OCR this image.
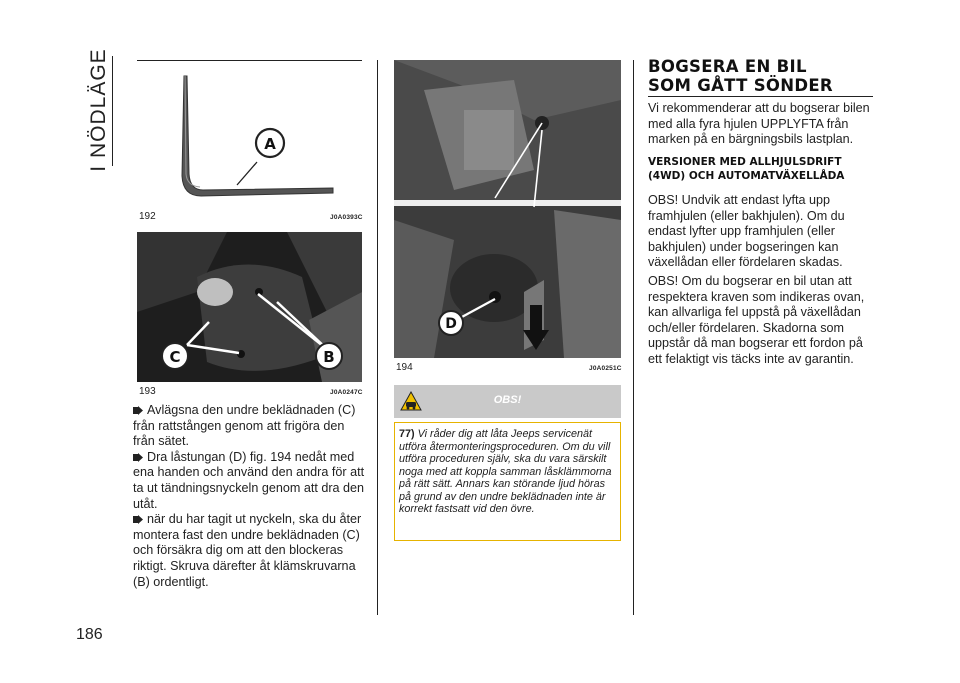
I NÖDLÄGE
186
A
192	J0A0393C
C	B
193	J0A0247C

Avlägsna den undre beklädnaden (C) från rattstången genom att frigöra den från sätet.

Dra låstungan (D) fig. 194 nedåt med ena handen och använd den andra för att ta ut tändningsnyckeln genom att dra den utåt.

när du har tagit ut nyckeln, ska du åter montera fast den undre beklädnaden (C) och försäkra dig om att den blockeras riktigt. Skruva därefter åt klämskruvarna (B) ordentligt.

D
194	J0A0251C
OBS!
77) Vi råder dig att låta Jeeps servicenät utföra återmonteringsproceduren. Om du vill utföra proceduren själv, ska du vara särskilt noga med att koppla samman låsklämmorna på rätt sätt. Annars kan störande ljud höras på grund av den undre beklädnaden inte är korrekt fastsatt vid den övre.
BOGSERA EN BIL SOM GÅTT SÖNDER
Vi rekommenderar att du bogserar bilen med alla fyra hjulen UPPLYFTA från marken på en bärgningsbils lastplan.
VERSIONER MED ALLHJULSDRIFT (4WD) OCH AUTOMATVÄXELLÅDA
OBS! Undvik att endast lyfta upp framhjulen (eller bakhjulen). Om du endast lyfter upp framhjulen (eller bakhjulen) under bogseringen kan växellådan eller fördelaren skadas.
OBS! Om du bogserar en bil utan att respektera kraven som indikeras ovan, kan allvarliga fel uppstå på växellådan och/eller fördelaren. Skadorna som uppstår då man bogserar ett fordon på ett felaktigt vis täcks inte av garantin.
